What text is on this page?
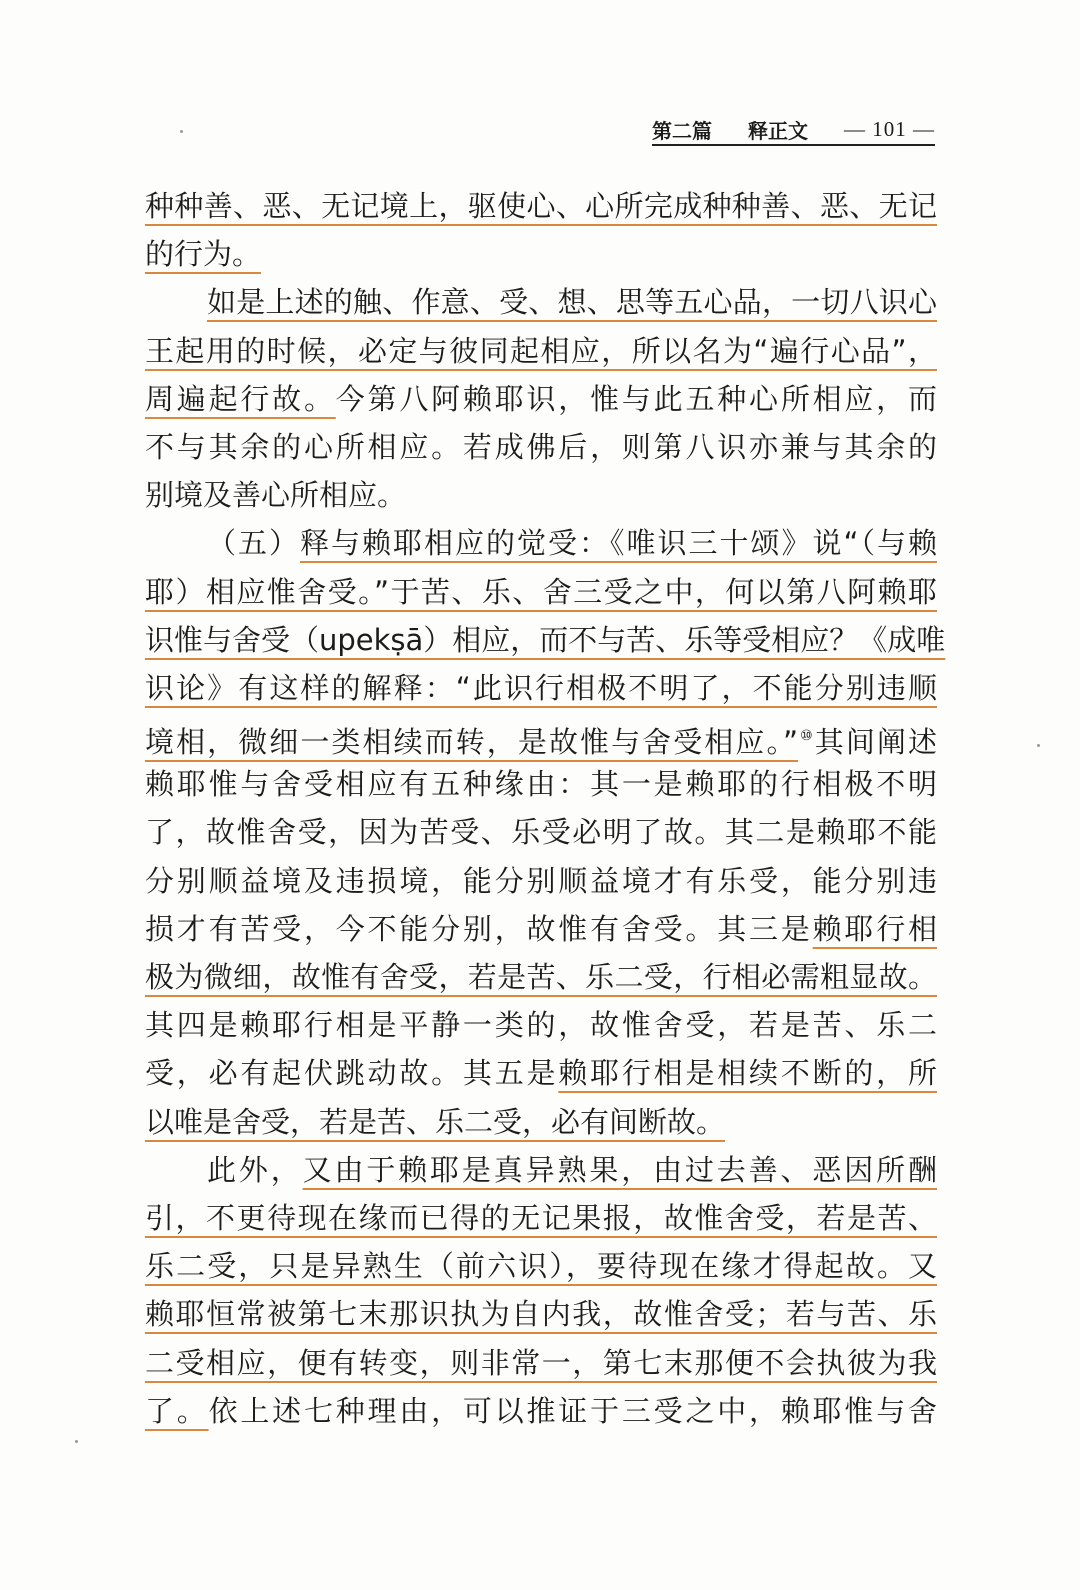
第二篇 释正文 — 101 —
种种善、恶、无记境上，驱使心、心所完成种种善、恶、无记
的行为。
如是上述的触、作意、受、想、思等五心品，一切八识心
王起用的时候，必定与彼同起相应，所以名为“遍行心品”，
周遍起行故。今第八阿赖耶识，惟与此五种心所相应，而
不与其余的心所相应。若成佛后，则第八识亦兼与其余的
别境及善心所相应。
（五）释与赖耶相应的觉受：《唯识三十颂》说“（与赖
耶）相应惟舍受。”于苦、乐、舍三受之中，何以第八阿赖耶
识惟与舍受（upekṣā）相应，而不与苦、乐等受相应？《成唯
识论》有这样的解释：“此识行相极不明了，不能分别违顺
境相，微细一类相续而转，是故惟与舍受相应。”⑩其间阐述
赖耶惟与舍受相应有五种缘由：其一是赖耶的行相极不明
了，故惟舍受，因为苦受、乐受必明了故。其二是赖耶不能
分别顺益境及违损境，能分别顺益境才有乐受，能分别违
损才有苦受，今不能分别，故惟有舍受。其三是赖耶行相
极为微细，故惟有舍受，若是苦、乐二受，行相必需粗显故。
其四是赖耶行相是平静一类的，故惟舍受，若是苦、乐二
受，必有起伏跳动故。其五是赖耶行相是相续不断的，所
以唯是舍受，若是苦、乐二受，必有间断故。
此外，又由于赖耶是真异熟果，由过去善、恶因所酬
引，不更待现在缘而已得的无记果报，故惟舍受，若是苦、
乐二受，只是异熟生（前六识），要待现在缘才得起故。又
赖耶恒常被第七末那识执为自内我，故惟舍受；若与苦、乐
二受相应，便有转变，则非常一，第七末那便不会执彼为我
了。依上述七种理由，可以推证于三受之中，赖耶惟与舍
